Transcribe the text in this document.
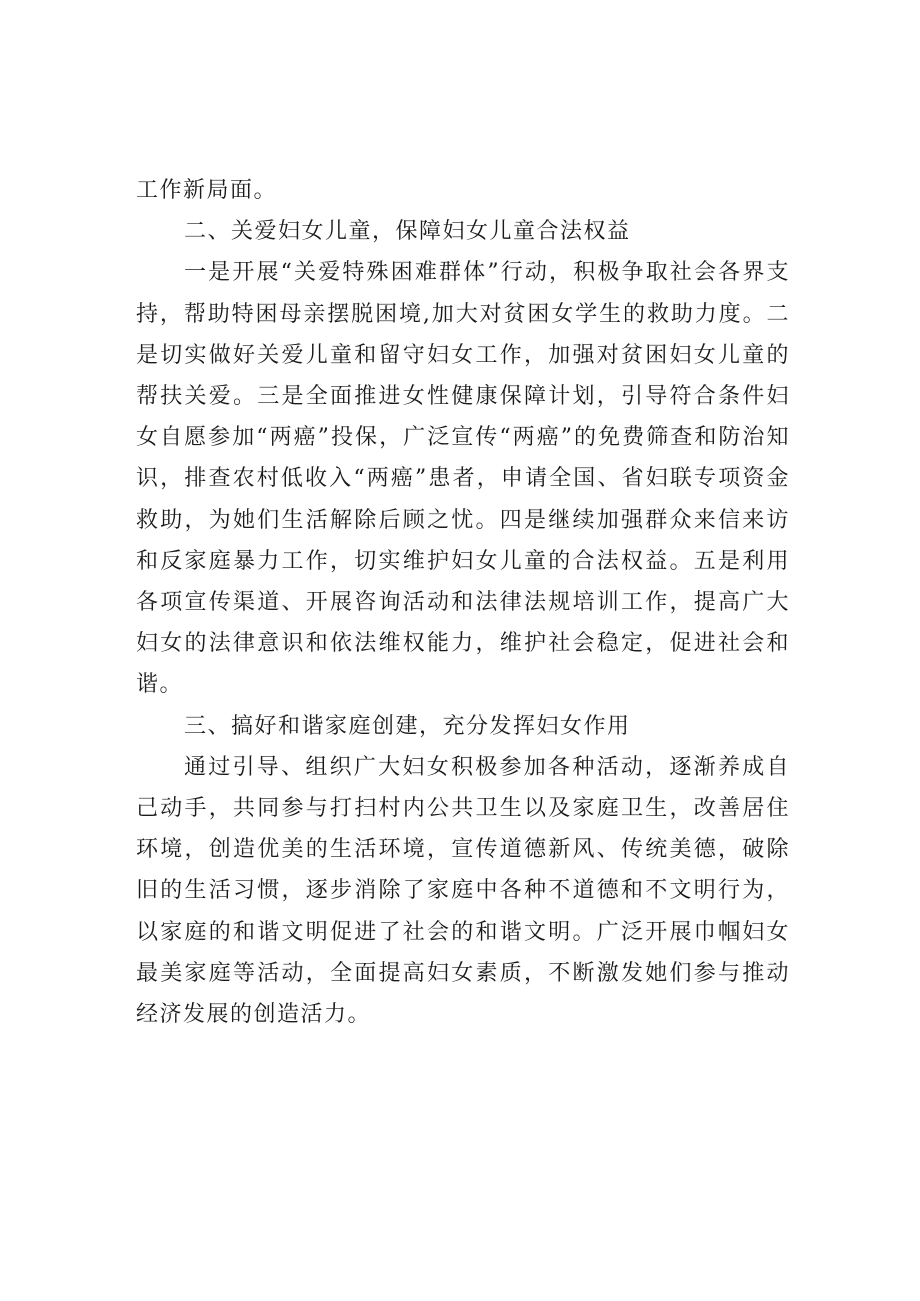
工作新局面。

二、关爱妇女儿童，保障妇女儿童合法权益

一是开展“关爱特殊困难群体”行动，积极争取社会各界支持，帮助特困母亲摆脱困境,加大对贫困女学生的救助力度。二是切实做好关爱儿童和留守妇女工作，加强对贫困妇女儿童的帮扶关爱。三是全面推进女性健康保障计划，引导符合条件妇女自愿参加“两癌”投保，广泛宣传“两癌”的免费筛查和防治知识，排查农村低收入“两癌”患者，申请全国、省妇联专项资金救助，为她们生活解除后顾之忧。四是继续加强群众来信来访和反家庭暴力工作，切实维护妇女儿童的合法权益。五是利用各项宣传渠道、开展咨询活动和法律法规培训工作，提高广大妇女的法律意识和依法维权能力，维护社会稳定，促进社会和谐。

三、搞好和谐家庭创建，充分发挥妇女作用

通过引导、组织广大妇女积极参加各种活动，逐渐养成自己动手，共同参与打扫村内公共卫生以及家庭卫生，改善居住环境，创造优美的生活环境，宣传道德新风、传统美德，破除旧的生活习惯，逐步消除了家庭中各种不道德和不文明行为，以家庭的和谐文明促进了社会的和谐文明。广泛开展巾帼妇女最美家庭等活动，全面提高妇女素质，不断激发她们参与推动经济发展的创造活力。
